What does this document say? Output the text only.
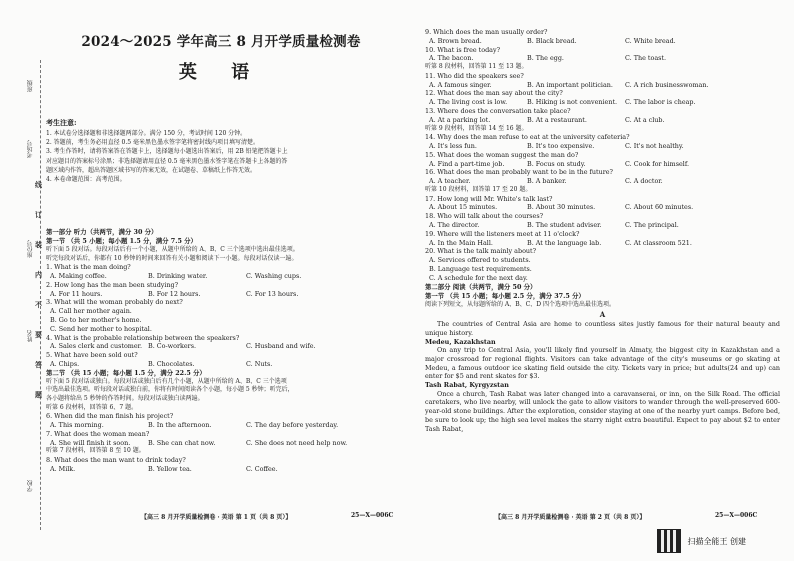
班级
姓名
考场号
座位号
学校
线
订
装
内
不
要
答
题
2024～2025 学年高三 8 月开学质量检测卷
英 语

考生注意:

1. 本试卷分选择题和非选择题两部分。满分 150 分，考试时间 120 分钟。

2. 答题前，考生务必用直径 0.5 毫米黑色墨水签字笔将密封线内项目填写清楚。

3. 考生作答时，请将答案答在答题卡上，选择题每小题选出答案后，用 2B 铅笔把答题卡上

对应题目的答案标号涂黑；非选择题请用直径 0.5 毫米黑色墨水签字笔在答题卡上各题的答

题区域内作答，超出答题区域书写的答案无效，在试题卷、草稿纸上作答无效。

4. 本卷命题范围：高考范围。

第一部分 听力（共两节，满分 30 分）

第一节 （共 5 小题；每小题 1.5 分，满分 7.5 分）

听下面 5 段对话。每段对话后有一个小题，从题中所给的 A、B、C 三个选项中选出最佳选项。

听完每段对话后，你都有 10 秒钟的时间来回答有关小题和阅读下一小题。每段对话仅读一遍。

1. What is the man doing?

A. Making coffee.	B. Drinking water.	C. Washing cups.

2. How long has the man been studying?

A. For 11 hours.	B. For 12 hours.	C. For 13 hours.

3. What will the woman probably do next?

A. Call her mother again.

B. Go to her mother's home.

C. Send her mother to hospital.

4. What is the probable relationship between the speakers?

A. Sales clerk and customer. B. Co-workers.	C. Husband and wife.

5. What have been sold out?

A. Chips.	B. Chocolates.	C. Nuts.

第二节 （共 15 小题；每小题 1.5 分，满分 22.5 分）

听下面 5 段对话或独白。每段对话或独白后有几个小题，从题中所给的 A、B、C 三个选项

中选出最佳选项。听每段对话或独白前，你将有时间阅读各个小题，每小题 5 秒钟；听完后，

各小题将给出 5 秒钟的作答时间。每段对话或独白读两遍。

听第 6 段材料，回答第 6、7 题。

6. When did the man finish his project?

A. This morning.	B. In the afternoon.	C. The day before yesterday.

7. What does the woman mean?

A. She will finish it soon.	B. She can chat now.	C. She does not need help now.

听第 7 段材料，回答第 8 至 10 题。

8. What does the man want to drink today?

A. Milk.	B. Yellow tea.	C. Coffee.
【高三 8 月开学质量检测卷 · 英语 第 1 页（共 8 页）】	25—X—006C

9. Which does the man usually order?

A. Brown bread.	B. Black bread.	C. White bread.

10. What is free today?

A. The bacon.	B. The egg.	C. The toast.

听第 8 段材料，回答第 11 至 13 题。

11. Who did the speakers see?

A. A famous singer.	B. An important politician.	C. A rich businesswoman.

12. What does the man say about the city?

A. The living cost is low.	B. Hiking is not convenient.	C. The labor is cheap.

13. Where does the conversation take place?

A. At a parking lot.	B. At a restaurant.	C. At a club.

听第 9 段材料，回答第 14 至 16 题。

14. Why does the man refuse to eat at the university cafeteria?

A. It's less fun.	B. It's too expensive.	C. It's not healthy.

15. What does the woman suggest the man do?

A. Find a part-time job.	B. Focus on study.	C. Cook for himself.

16. What does the man probably want to be in the future?

A. A teacher.	B. A banker.	C. A doctor.

听第 10 段材料，回答第 17 至 20 题。

17. How long will Mr. White's talk last?

A. About 15 minutes.	B. About 30 minutes.	C. About 60 minutes.

18. Who will talk about the courses?

A. The director.	B. The student adviser.	C. The principal.

19. Where will the listeners meet at 11 o'clock?

A. In the Main Hall.	B. At the language lab.	C. At classroom 521.

20. What is the talk mainly about?

A. Services offered to students.

B. Language test requirements.

C. A schedule for the next day.

第二部分 阅读（共两节，满分 50 分）

第一节 （共 15 小题；每小题 2.5 分，满分 37.5 分）

阅读下列短文，从每题所给的 A、B、C、D 四个选项中选出最佳选项。

A

The countries of Central Asia are home to countless sites justly famous for their natural beauty and unique history.

Medeu, Kazakhstan

On any trip to Central Asia, you'll likely find yourself in Almaty, the biggest city in Kazakhstan and a major crossroad for regional flights. Visitors can take advantage of the city's museums or go skating at Medeu, a famous outdoor ice skating field outside the city. Tickets vary in price; but adults(24 and up) can enter for $5 and rent skates for $3.

Tash Rabat, Kyrgyzstan

Once a church, Tash Rabat was later changed into a caravanserai, or inn, on the Silk Road. The official caretakers, who live nearby, will unlock the gate to allow visitors to wander through the well-preserved 600-year-old stone buildings. After the exploration, consider staying at one of the nearby yurt camps. Before bed, be sure to look up; the high sea level makes the starry night extra beautiful. Expect to pay about $2 to enter Tash Rabat,

【高三 8 月开学质量检测卷 · 英语 第 2 页（共 8 页）】	25—X—006C
扫描全能王 创建
